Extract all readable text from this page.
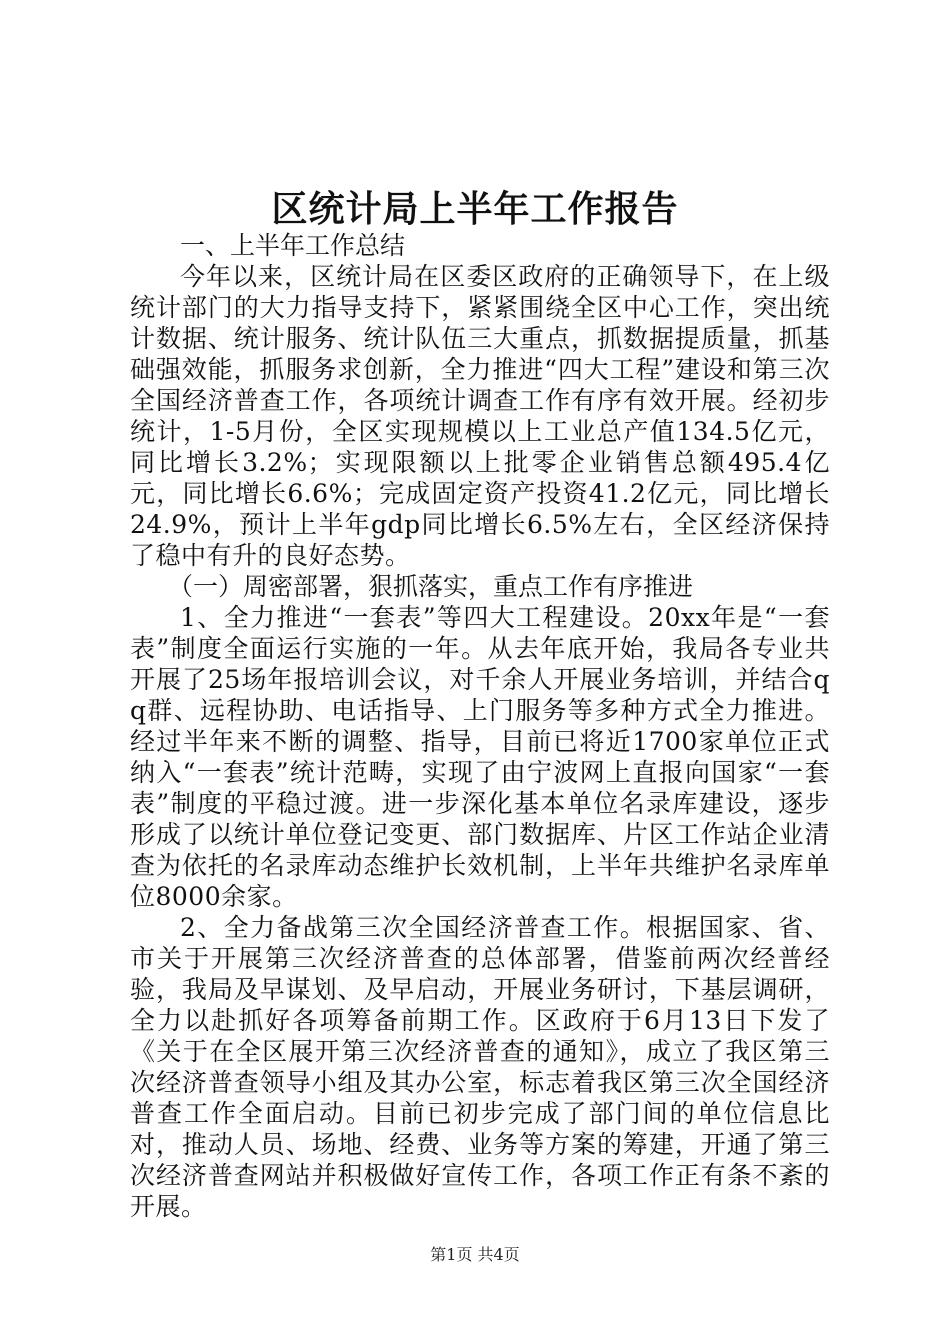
区统计局上半年工作报告

一、上半年工作总结

今年以来，区统计局在区委区政府的正确领导下，在上级统计部门的大力指导支持下，紧紧围绕全区中心工作，突出统计数据、统计服务、统计队伍三大重点，抓数据提质量，抓基础强效能，抓服务求创新，全力推进“四大工程”建设和第三次全国经济普查工作，各项统计调查工作有序有效开展。经初步统计，1-5月份，全区实现规模以上工业总产值134.5亿元，同比增长3.2%；实现限额以上批零企业销售总额495.4亿元，同比增长6.6%；完成固定资产投资41.2亿元，同比增长24.9%，预计上半年gdp同比增长6.5%左右，全区经济保持了稳中有升的良好态势。

（一）周密部署，狠抓落实，重点工作有序推进

1、全力推进“一套表”等四大工程建设。20xx年是“一套表”制度全面运行实施的一年。从去年底开始，我局各专业共开展了25场年报培训会议，对千余人开展业务培训，并结合qq群、远程协助、电话指导、上门服务等多种方式全力推进。经过半年来不断的调整、指导，目前已将近1700家单位正式纳入“一套表”统计范畴，实现了由宁波网上直报向国家“一套表”制度的平稳过渡。进一步深化基本单位名录库建设，逐步形成了以统计单位登记变更、部门数据库、片区工作站企业清查为依托的名录库动态维护长效机制，上半年共维护名录库单位8000余家。

2、全力备战第三次全国经济普查工作。根据国家、省、市关于开展第三次经济普查的总体部署，借鉴前两次经普经验，我局及早谋划、及早启动，开展业务研讨，下基层调研，全力以赴抓好各项筹备前期工作。区政府于6月13日下发了《关于在全区展开第三次经济普查的通知》，成立了我区第三次经济普查领导小组及其办公室，标志着我区第三次全国经济普查工作全面启动。目前已初步完成了部门间的单位信息比对，推动人员、场地、经费、业务等方案的筹建，开通了第三次经济普查网站并积极做好宣传工作，各项工作正有条不紊的开展。

第1页 共4页
